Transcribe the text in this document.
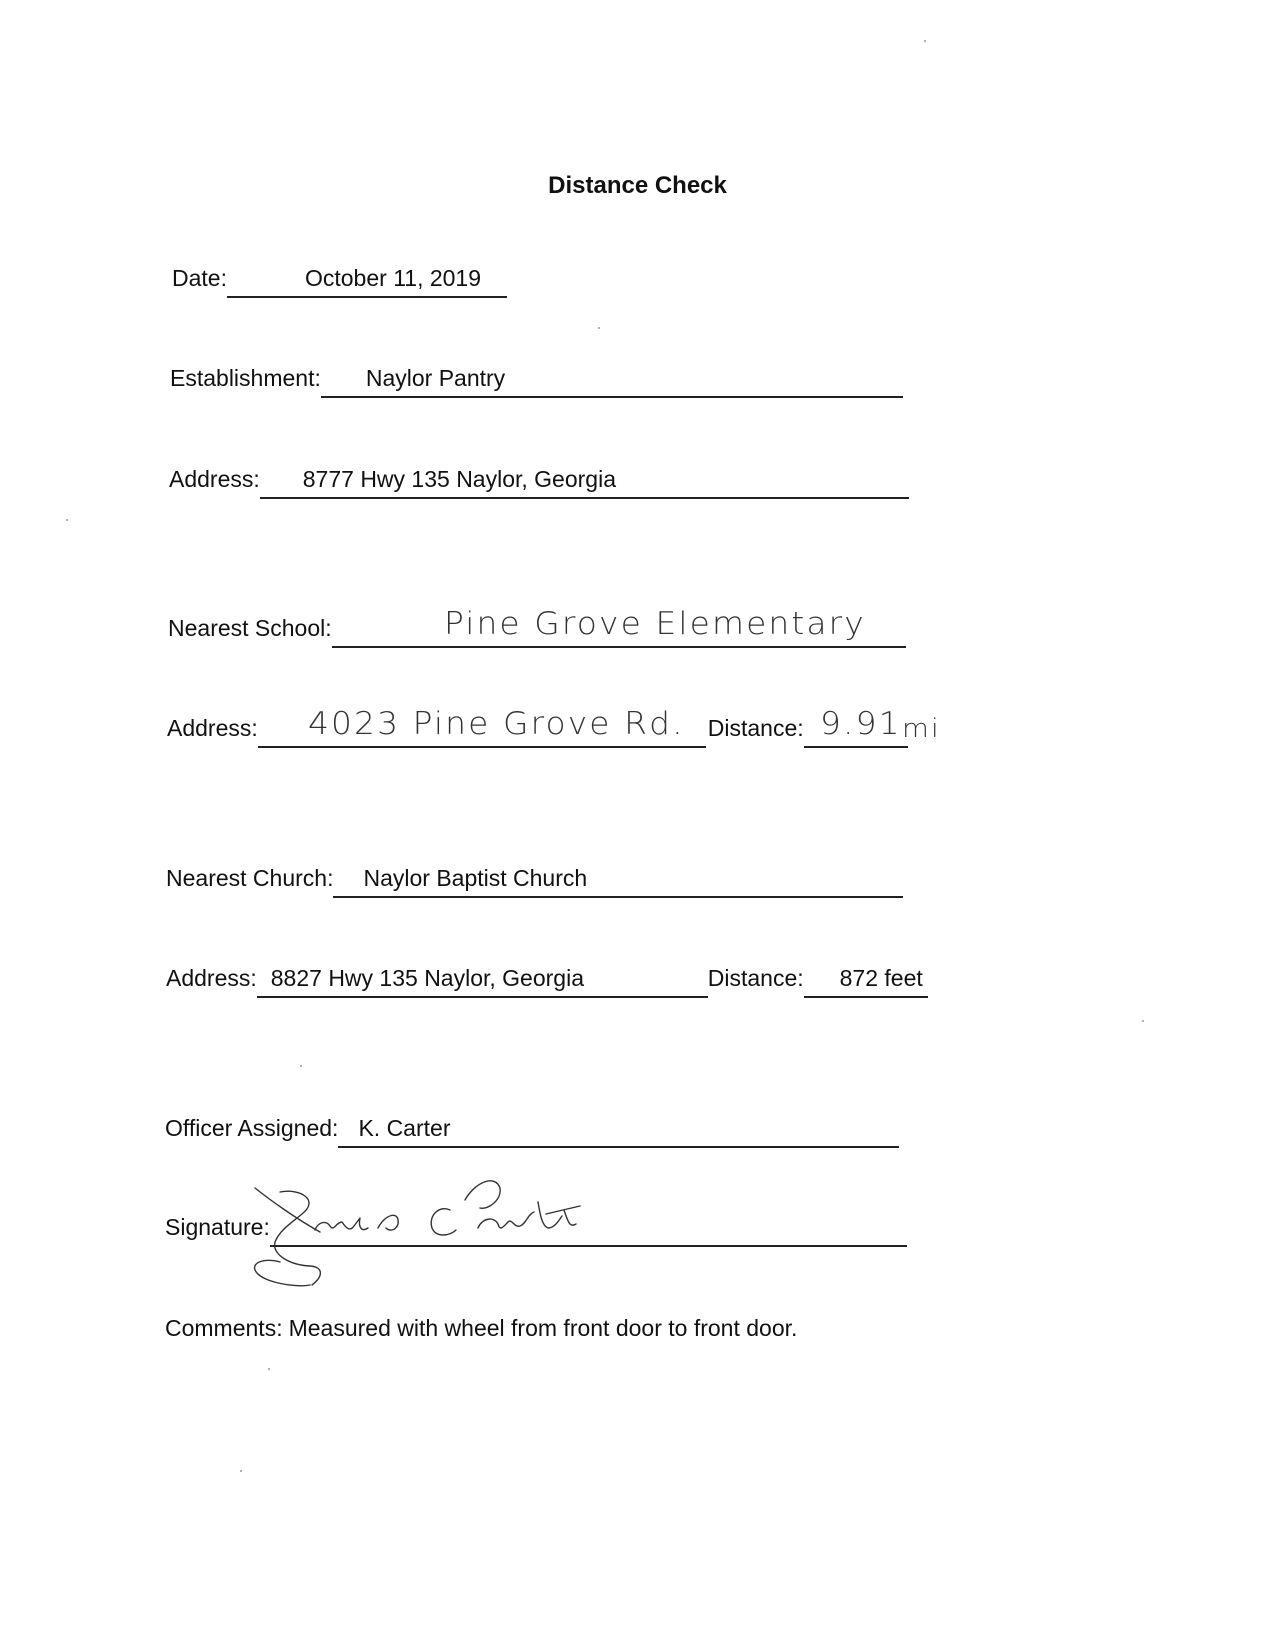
Distance Check
Date:	October 11, 2019
Establishment: Naylor Pantry
Address: 8777 Hwy 135 Naylor, Georgia
Nearest School:	Pine Grove Elementary
Address: 4023 Pine Grove Rd. Distance: 9.91 mi
Nearest Church: Naylor Baptist Church
Address: 8827 Hwy 135 Naylor, Georgia	Distance: 872 feet
Officer Assigned: K. Carter
Signature:
Comments: Measured with wheel from front door to front door.
